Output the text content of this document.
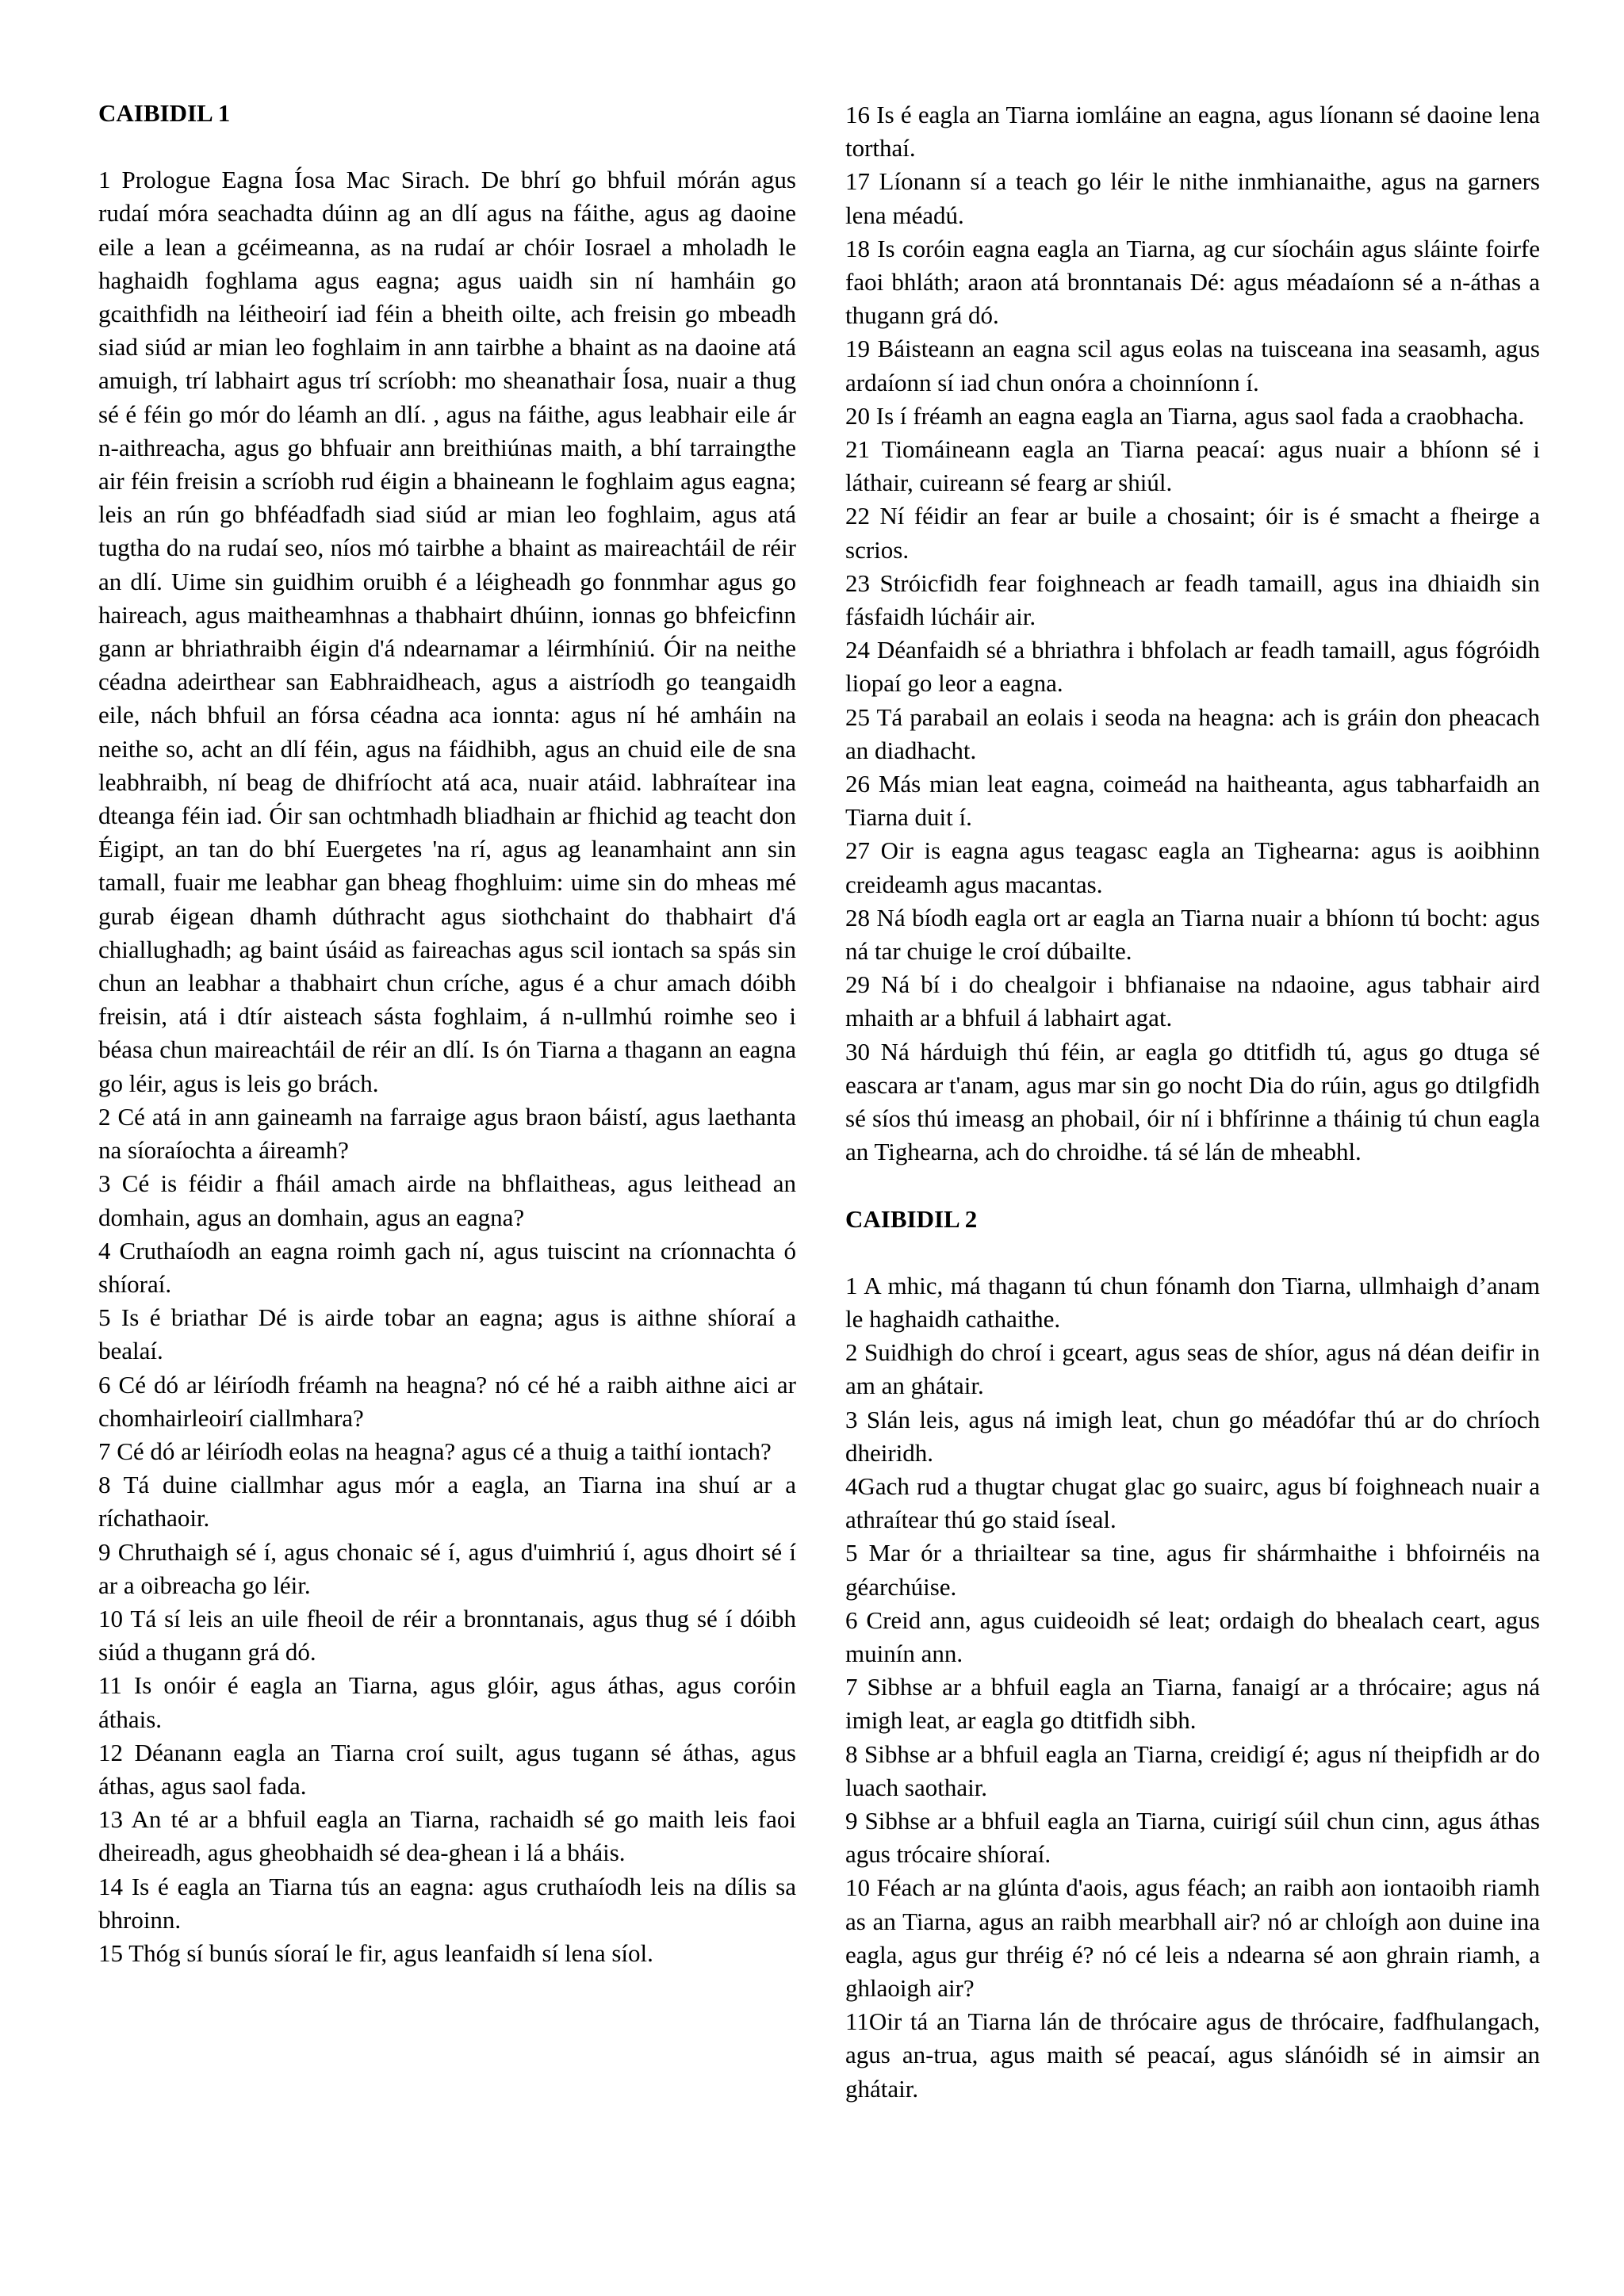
CAIBIDIL 1

1 Prologue Eagna Íosa Mac Sirach. De bhrí go bhfuil mórán agus rudaí móra seachadta dúinn ag an dlí agus na fáithe, agus ag daoine eile a lean a gcéimeanna, as na rudaí ar chóir Iosrael a mholadh le haghaidh foghlama agus eagna; agus uaidh sin ní hamháin go gcaithfidh na léitheoirí iad féin a bheith oilte, ach freisin go mbeadh siad siúd ar mian leo foghlaim in ann tairbhe a bhaint as na daoine atá amuigh, trí labhairt agus trí scríobh: mo sheanathair Íosa, nuair a thug sé é féin go mór do léamh an dlí. , agus na fáithe, agus leabhair eile ár n-aithreacha, agus go bhfuair ann breithiúnas maith, a bhí tarraingthe air féin freisin a scríobh rud éigin a bhaineann le foghlaim agus eagna; leis an rún go bhféadfadh siad siúd ar mian leo foghlaim, agus atá tugtha do na rudaí seo, níos mó tairbhe a bhaint as maireachtáil de réir an dlí. Uime sin guidhim oruibh é a léigheadh go fonnmhar agus go haireach, agus maitheamhnas a thabhairt dhúinn, ionnas go bhfeicfinn gann ar bhriathraibh éigin d'á ndearnamar a léirmhíniú. Óir na neithe céadna adeirthear san Eabhraidheach, agus a aistríodh go teangaidh eile, nách bhfuil an fórsa céadna aca ionnta: agus ní hé amháin na neithe so, acht an dlí féin, agus na fáidhibh, agus an chuid eile de sna leabhraibh, ní beag de dhifríocht atá aca, nuair atáid. labhraítear ina dteanga féin iad. Óir san ochtmhadh bliadhain ar fhichid ag teacht don Éigipt, an tan do bhí Euergetes 'na rí, agus ag leanamhaint ann sin tamall, fuair me leabhar gan bheag fhoghluim: uime sin do mheas mé gurab éigean dhamh dúthracht agus siothchaint do thabhairt d'á chiallughadh; ag baint úsáid as faireachas agus scil iontach sa spás sin chun an leabhar a thabhairt chun críche, agus é a chur amach dóibh freisin, atá i dtír aisteach sásta foghlaim, á n-ullmhú roimhe seo i béasa chun maireachtáil de réir an dlí. Is ón Tiarna a thagann an eagna go léir, agus is leis go brách.

2 Cé atá in ann gaineamh na farraige agus braon báistí, agus laethanta na síoraíochta a áireamh?

3 Cé is féidir a fháil amach airde na bhflaitheas, agus leithead an domhain, agus an domhain, agus an eagna?

4 Cruthaíodh an eagna roimh gach ní, agus tuiscint na críonnachta ó shíoraí.

5 Is é briathar Dé is airde tobar an eagna; agus is aithne shíoraí a bealaí.

6 Cé dó ar léiríodh fréamh na heagna? nó cé hé a raibh aithne aici ar chomhairleoirí ciallmhara?

7 Cé dó ar léiríodh eolas na heagna? agus cé a thuig a taithí iontach?

8 Tá duine ciallmhar agus mór a eagla, an Tiarna ina shuí ar a ríchathaoir.

9 Chruthaigh sé í, agus chonaic sé í, agus d'uimhriú í, agus dhoirt sé í ar a oibreacha go léir.

10 Tá sí leis an uile fheoil de réir a bronntanais, agus thug sé í dóibh siúd a thugann grá dó.

11 Is onóir é eagla an Tiarna, agus glóir, agus áthas, agus coróin áthais.

12 Déanann eagla an Tiarna croí suilt, agus tugann sé áthas, agus áthas, agus saol fada.

13 An té ar a bhfuil eagla an Tiarna, rachaidh sé go maith leis faoi dheireadh, agus gheobhaidh sé dea-ghean i lá a bháis.

14 Is é eagla an Tiarna tús an eagna: agus cruthaíodh leis na dílis sa bhroinn.

15 Thóg sí bunús síoraí le fir, agus leanfaidh sí lena síol.

16 Is é eagla an Tiarna iomláine an eagna, agus líonann sé daoine lena torthaí.

17 Líonann sí a teach go léir le nithe inmhianaithe, agus na garners lena méadú.

18 Is coróin eagna eagla an Tiarna, ag cur síocháin agus sláinte foirfe faoi bhláth; araon atá bronntanais Dé: agus méadaíonn sé a n-áthas a thugann grá dó.

19 Báisteann an eagna scil agus eolas na tuisceana ina seasamh, agus ardaíonn sí iad chun onóra a choinníonn í.

20 Is í fréamh an eagna eagla an Tiarna, agus saol fada a craobhacha.

21 Tiomáineann eagla an Tiarna peacaí: agus nuair a bhíonn sé i láthair, cuireann sé fearg ar shiúl.

22 Ní féidir an fear ar buile a chosaint; óir is é smacht a fheirge a scrios.

23 Stróicfidh fear foighneach ar feadh tamaill, agus ina dhiaidh sin fásfaidh lúcháir air.

24 Déanfaidh sé a bhriathra i bhfolach ar feadh tamaill, agus fógróidh liopaí go leor a eagna.

25 Tá parabail an eolais i seoda na heagna: ach is gráin don pheacach an diadhacht.

26 Más mian leat eagna, coimeád na haitheanta, agus tabharfaidh an Tiarna duit í.

27 Oir is eagna agus teagasc eagla an Tighearna: agus is aoibhinn creideamh agus macantas.

28 Ná bíodh eagla ort ar eagla an Tiarna nuair a bhíonn tú bocht: agus ná tar chuige le croí dúbailte.

29 Ná bí i do chealgoir i bhfianaise na ndaoine, agus tabhair aird mhaith ar a bhfuil á labhairt agat.

30 Ná hárduigh thú féin, ar eagla go dtitfidh tú, agus go dtuga sé eascara ar t'anam, agus mar sin go nocht Dia do rúin, agus go dtilgfidh sé síos thú imeasg an phobail, óir ní i bhfírinne a tháinig tú chun eagla an Tighearna, ach do chroidhe. tá sé lán de mheabhl.

CAIBIDIL 2

1 A mhic, má thagann tú chun fónamh don Tiarna, ullmhaigh d’anam le haghaidh cathaithe.

2 Suidhigh do chroí i gceart, agus seas de shíor, agus ná déan deifir in am an ghátair.

3 Slán leis, agus ná imigh leat, chun go méadófar thú ar do chríoch dheiridh.

4Gach rud a thugtar chugat glac go suairc, agus bí foighneach nuair a athraítear thú go staid íseal.

5 Mar ór a thriailtear sa tine, agus fir shármhaithe i bhfoirnéis na géarchúise.

6 Creid ann, agus cuideoidh sé leat; ordaigh do bhealach ceart, agus muinín ann.

7 Sibhse ar a bhfuil eagla an Tiarna, fanaigí ar a thrócaire; agus ná imigh leat, ar eagla go dtitfidh sibh.

8 Sibhse ar a bhfuil eagla an Tiarna, creidigí é; agus ní theipfidh ar do luach saothair.

9 Sibhse ar a bhfuil eagla an Tiarna, cuirigí súil chun cinn, agus áthas agus trócaire shíoraí.

10 Féach ar na glúnta d'aois, agus féach; an raibh aon iontaoibh riamh as an Tiarna, agus an raibh mearbhall air? nó ar chloígh aon duine ina eagla, agus gur thréig é? nó cé leis a ndearna sé aon ghrain riamh, a ghlaoigh air?

11Oir tá an Tiarna lán de thrócaire agus de thrócaire, fadfhulangach, agus an-trua, agus maith sé peacaí, agus slánóidh sé in aimsir an ghátair.
